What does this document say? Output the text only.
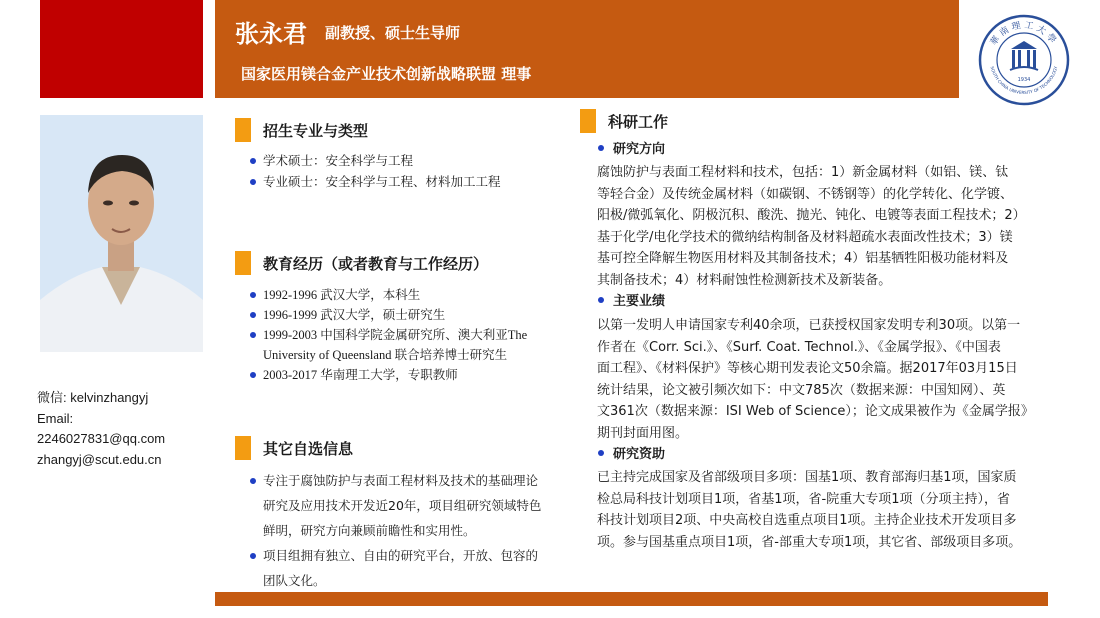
张永君 副教授、硕士生导师
国家医用镁合金产业技术创新战略联盟 理事
華南理工大學
SOUTH CHINA UNIVERSITY OF TECHNOLOGY
1934
微信: kelvinzhangyj
Email:
2246027831@qq.com
zhangyj@scut.edu.cn
招生专业与类型
学术硕士：安全科学与工程
专业硕士：安全科学与工程、材料加工工程
教育经历（或者教育与工作经历）
1992-1996 武汉大学，本科生
1996-1999 武汉大学，硕士研究生
1999-2003 中国科学院金属研究所、澳大利亚The
University of Queensland 联合培养博士研究生
2003-2017 华南理工大学，专职教师
其它自选信息
专注于腐蚀防护与表面工程材料及技术的基础理论
研究及应用技术开发近20年，项目组研究领域特色
鲜明，研究方向兼顾前瞻性和实用性。
项目组拥有独立、自由的研究平台，开放、包容的
团队文化。
科研工作
研究方向
腐蚀防护与表面工程材料和技术，包括：1）新金属材料（如铝、镁、钛
等轻合金）及传统金属材料（如碳钢、不锈钢等）的化学转化、化学镀、
阳极/微弧氧化、阴极沉积、酸洗、抛光、钝化、电镀等表面工程技术；2）
基于化学/电化学技术的微纳结构制备及材料超疏水表面改性技术；3）镁
基可控全降解生物医用材料及其制备技术；4）铝基牺牲阳极功能材料及
其制备技术；4）材料耐蚀性检测新技术及新装备。
主要业绩
以第一发明人申请国家专利40余项，已获授权国家发明专利30项。以第一
作者在《Corr. Sci.》、《Surf. Coat. Technol.》、《金属学报》、《中国表
面工程》、《材料保护》等核心期刊发表论文50余篇。据2017年03月15日
统计结果，论文被引频次如下：中文785次（数据来源：中国知网）、英
文361次（数据来源：ISI Web of Science）；论文成果被作为《金属学报》
期刊封面用图。
研究资助
已主持完成国家及省部级项目多项：国基1项、教育部海归基1项，国家质
检总局科技计划项目1项，省基1项，省-院重大专项1项（分项主持），省
科技计划项目2项、中央高校自选重点项目1项。主持企业技术开发项目多
项。参与国基重点项目1项，省-部重大专项1项，其它省、部级项目多项。
